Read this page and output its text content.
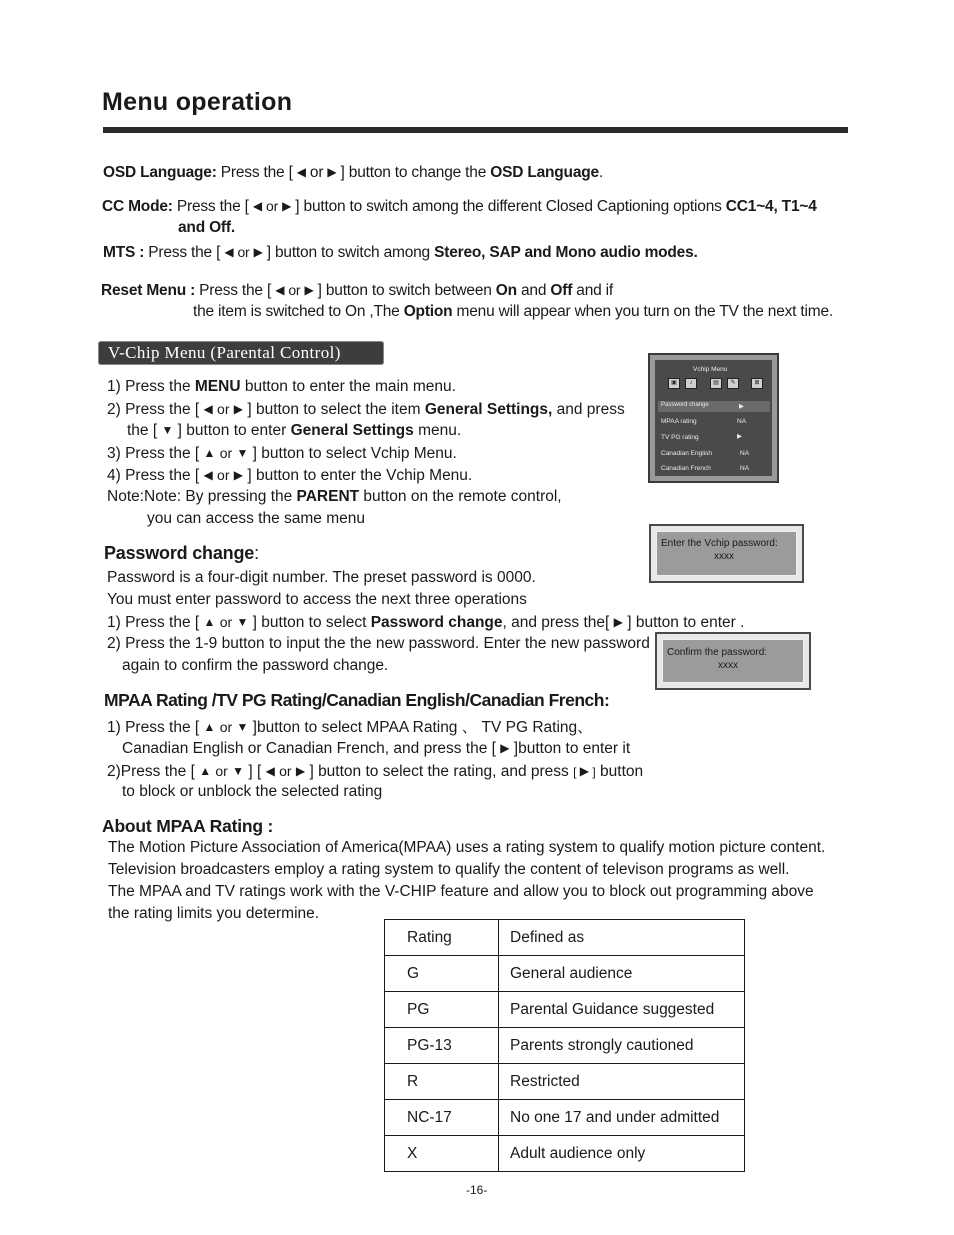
Menu operation
OSD Language: Press the [ ◀ or ▶ ] button to change the OSD Language.
CC Mode: Press the [ ◀ or ▶ ] button to switch among the different Closed Captioning options CC1~4, T1~4
and Off.
MTS : Press the [ ◀ or ▶ ] button to switch among Stereo, SAP and Mono audio modes.
Reset Menu : Press the [ ◀ or ▶ ] button to switch between On and Off and if
the item is switched to On ,The Option menu will appear when you turn on the TV the next time.
V-Chip Menu (Parental Control)
1) Press the MENU button to enter the main menu.
2) Press the [ ◀ or ▶ ] button to select the item General Settings, and press
the [ ▼ ] button to enter General Settings menu.
3) Press the [ ▲ or ▼ ] button to select Vchip Menu.
4) Press the [ ◀ or ▶ ] button to enter the Vchip Menu.
Note:Note: By pressing the PARENT button on the remote control,
you can access the same menu
Vchip Menu
▣	♪	▤	✎	⊠
Password change	▶
MPAA rating	NA
TV PG rating	▶
Canadian English	NA
Canadian French	NA
Password change:
Password is a four-digit number. The preset password is 0000.
You must enter password to access the next three operations
1) Press the [ ▲ or ▼ ] button to select Password change, and press the[ ▶ ] button to enter .
2) Press the 1-9 button to input the the new password. Enter the new password
again to confirm the password change.
Enter the Vchip password:
xxxx
Confirm the password:
xxxx
MPAA Rating /TV PG Rating/Canadian English/Canadian French:
1) Press the [ ▲ or ▼ ]button to select MPAA Rating 、 TV PG Rating、
Canadian English or Canadian French, and press the [ ▶ ]button to enter it
2)Press the [ ▲ or ▼ ] [ ◀ or ▶ ] button to select the rating, and press [ ▶ ] button
to block or unblock the selected rating
About MPAA Rating :
The Motion Picture Association of America(MPAA) uses a rating system to qualify motion picture content.
Television broadcasters employ a rating system to qualify the content of televison programs as well.
The MPAA and TV ratings work with the V-CHIP feature and allow you to block out programming above
the rating limits you determine.
Rating	Defined as
G	General audience
PG	Parental Guidance suggested
PG-13	Parents strongly cautioned
R	Restricted
NC-17	No one 17 and under admitted
X	Adult audience only
-16-
